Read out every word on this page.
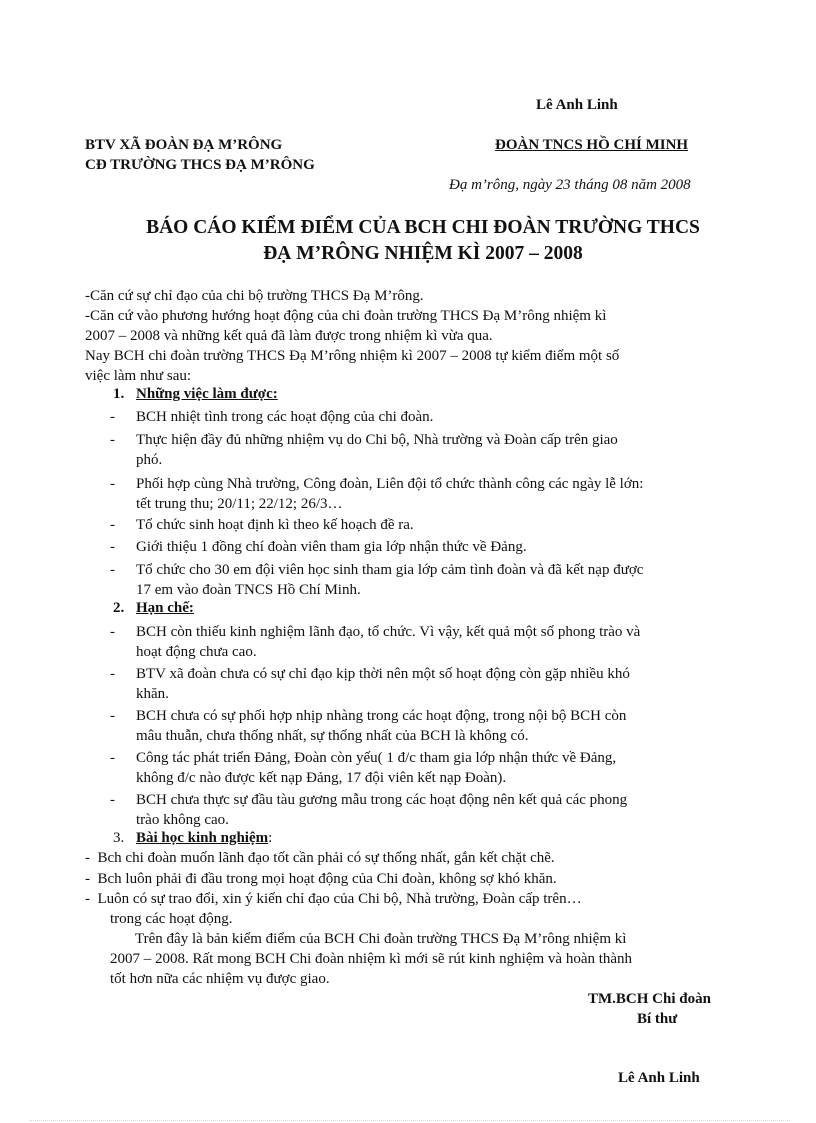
Lê Anh Linh
BTV XÃ ĐOÀN ĐẠ M’RÔNG
CĐ TRƯỜNG THCS ĐẠ M’RÔNG
ĐOÀN TNCS HỒ CHÍ MINH
Đạ m’rông, ngày 23 tháng 08 năm 2008
BÁO CÁO KIỂM ĐIỂM CỦA BCH CHI ĐOÀN TRƯỜNG THCS
ĐẠ M’RÔNG NHIỆM KÌ 2007 – 2008
-Căn cứ sự chỉ đạo của chi bộ trường THCS Đạ M’rông.
-Căn cứ vào phương hướng hoạt động của chi đoàn trường THCS Đạ M’rông nhiệm kì
2007 – 2008 và những kết quả đã làm được trong nhiệm kì vừa qua.
Nay BCH chi đoàn trường THCS Đạ M’rông nhiệm kì 2007 – 2008 tự kiểm điểm một số
việc làm như sau:
1. Những việc làm được:
- BCH nhiệt tình trong các hoạt động của chi đoàn.
- Thực hiện đầy đủ những nhiệm vụ do Chi bộ, Nhà trường và Đoàn cấp trên giao
phó.
- Phối hợp cùng Nhà trường, Công đoàn, Liên đội tổ chức thành công các ngày lễ lớn:
tết trung thu; 20/11; 22/12; 26/3…
- Tổ chức sinh hoạt định kì theo kế hoạch đề ra.
- Giới thiệu 1 đồng chí đoàn viên tham gia lớp nhận thức về Đảng.
- Tổ chức cho 30 em đội viên học sinh tham gia lớp cảm tình đoàn và đã kết nạp được
17 em vào đoàn TNCS Hồ Chí Minh.
2. Hạn chế:
- BCH còn thiếu kinh nghiệm lãnh đạo, tổ chức. Vì vậy, kết quả một số phong trào và
hoạt động chưa cao.
- BTV xã đoàn chưa có sự chỉ đạo kịp thời nên một số hoạt động còn gặp nhiều khó
khăn.
- BCH chưa có sự phối hợp nhịp nhàng trong các hoạt động, trong nội bộ BCH còn
mâu thuẫn, chưa thống nhất, sự thống nhất của BCH là không có.
- Công tác phát triển Đảng, Đoàn còn yếu( 1 đ/c tham gia lớp nhận thức về Đảng,
không đ/c nào được kết nạp Đảng, 17 đội viên kết nạp Đoàn).
- BCH chưa thực sự đầu tàu gương mẫu trong các hoạt động nên kết quả các phong
trào không cao.
3. Bài học kinh nghiệm:
- Bch chi đoàn muốn lãnh đạo tốt cần phải có sự thống nhất, gắn kết chặt chẽ.
- Bch luôn phải đi đầu trong mọi hoạt động của Chi đoàn, không sợ khó khăn.
- Luôn có sự trao đổi, xin ý kiến chỉ đạo của Chi bộ, Nhà trường, Đoàn cấp trên…
trong các hoạt động.
Trên đây là bản kiểm điểm của BCH Chi đoàn trường THCS Đạ M’rông nhiệm kì
2007 – 2008. Rất mong BCH Chi đoàn nhiệm kì mới sẽ rút kinh nghiệm và hoàn thành
tốt hơn nữa các nhiệm vụ được giao.
TM.BCH Chi đoàn
Bí thư
Lê Anh Linh
